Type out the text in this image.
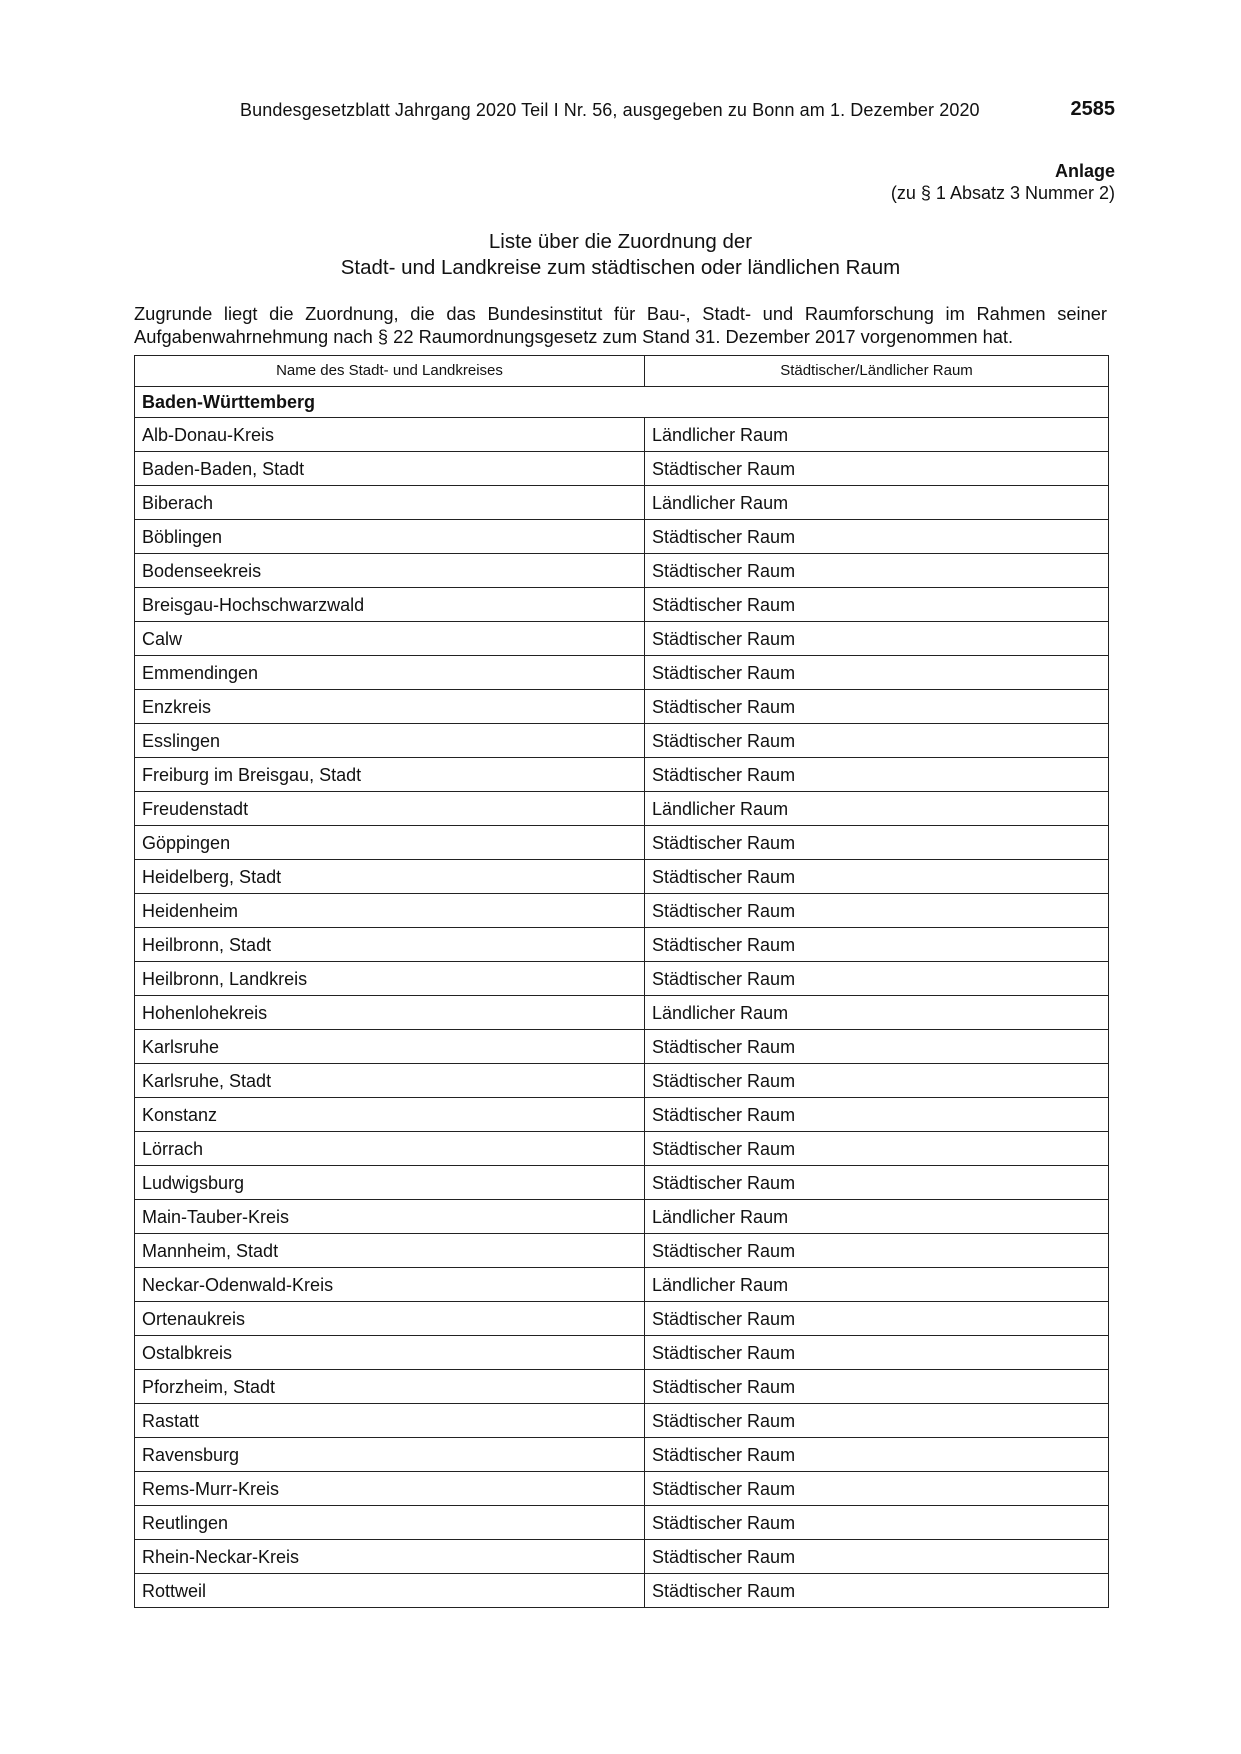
Bundesgesetzblatt Jahrgang 2020 Teil I Nr. 56, ausgegeben zu Bonn am 1. Dezember 2020	2585
Anlage
(zu § 1 Absatz 3 Nummer 2)
Liste über die Zuordnung der
Stadt- und Landkreise zum städtischen oder ländlichen Raum
Zugrunde liegt die Zuordnung, die das Bundesinstitut für Bau-, Stadt- und Raumforschung im Rahmen seiner Aufgabenwahrnehmung nach § 22 Raumordnungsgesetz zum Stand 31. Dezember 2017 vorgenommen hat.
Name des Stadt- und Landkreises	Städtischer/Ländlicher Raum
Baden-Württemberg	
Alb-Donau-Kreis	Ländlicher Raum
Baden-Baden, Stadt	Städtischer Raum
Biberach	Ländlicher Raum
Böblingen	Städtischer Raum
Bodenseekreis	Städtischer Raum
Breisgau-Hochschwarzwald	Städtischer Raum
Calw	Städtischer Raum
Emmendingen	Städtischer Raum
Enzkreis	Städtischer Raum
Esslingen	Städtischer Raum
Freiburg im Breisgau, Stadt	Städtischer Raum
Freudenstadt	Ländlicher Raum
Göppingen	Städtischer Raum
Heidelberg, Stadt	Städtischer Raum
Heidenheim	Städtischer Raum
Heilbronn, Stadt	Städtischer Raum
Heilbronn, Landkreis	Städtischer Raum
Hohenlohekreis	Ländlicher Raum
Karlsruhe	Städtischer Raum
Karlsruhe, Stadt	Städtischer Raum
Konstanz	Städtischer Raum
Lörrach	Städtischer Raum
Ludwigsburg	Städtischer Raum
Main-Tauber-Kreis	Ländlicher Raum
Mannheim, Stadt	Städtischer Raum
Neckar-Odenwald-Kreis	Ländlicher Raum
Ortenaukreis	Städtischer Raum
Ostalbkreis	Städtischer Raum
Pforzheim, Stadt	Städtischer Raum
Rastatt	Städtischer Raum
Ravensburg	Städtischer Raum
Rems-Murr-Kreis	Städtischer Raum
Reutlingen	Städtischer Raum
Rhein-Neckar-Kreis	Städtischer Raum
Rottweil	Städtischer Raum
